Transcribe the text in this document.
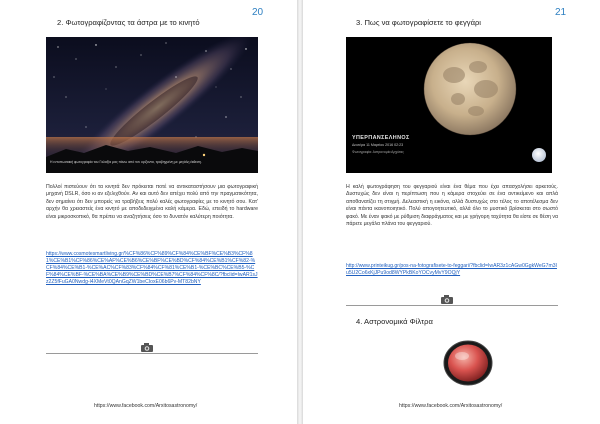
20
2. Φωτογραφίζοντας τα άστρα με το κινητό
Η εντυπωσιακή φωτογραφία του Γαλαξία μας πάνω από τον ορίζοντα, τραβηγμένη με μεγάλη έκθεση.
Πολλοί πιστεύουν ότι τα κινητά δεν πρόκειται ποτέ να αντικαταστήσουν μια φωτογραφική μηχανή DSLR, όσο κι αν εξελιχθούν. Αν και αυτό δεν απέχει πολύ από την πραγματικότητα, δεν σημαίνει ότι δεν μπορείς να τραβήξεις πολύ καλές φωτογραφίες με το κινητό σου. Κατ' αρχήν θα χρειαστείς ένα κινητό με αποδεδειγμένα καλή κάμερα. Εδώ, επειδή το hardware είναι μικροσκοπικό, θα πρέπει να αναζητήσεις όσο το δυνατόν καλύτερη ποιότητα.
https://www.cosmotesmartliving.gr/%CF%86%CF%89%CF%84%CE%BF%CE%B3%CF%81%CE%B1%CF%86%CE%AF%CE%B6%CE%BF%CE%BD%CF%84%CE%B1%CF%82-%CF%84%CE%B1-%CE%AC%CF%83%CF%84%CF%81%CE%B1-%CE%BC%CE%B5-%CF%84%CE%BF-%CE%BA%CE%B9%CE%BD%CE%B7%CF%84%CF%8C/?fbclid=IwAR1sJz2Z5fFuGA0Nwdg-l4XMeVt0QAnGqZW1beCIoxE06b6Pv-MT82bNY
https://www.facebook.com/Arxitosastronomy/
21
3. Πως να φωτογραφίσετε το φεγγάρι
ΥΠΕΡΠΑΝΣΕΛΗΝΟΣ
Δευτέρα 11 Μαρτίου 2016 02:23
Φωτογραφία: Αστρονομία Αρχύτας
Η καλή φωτογράφηση του φεγγαριού είναι ένα θέμα που έχει απασχολήσει αρκετούς. Δυστυχώς δεν είναι η περίπτωση που η κάμερα στοχεύει σε ένα αντικείμενο και απλά αποθανατίζει τη στιγμή. Δελεαστική η εικόνα, αλλά δυστυχώς στο τέλος το αποτέλεσμα δεν είναι πάντα ικανοποιητικό. Πολύ απογοητευτικό, αλλά όλο το μυστικό βρίσκεται στο σωστό φακό. Με έναν φακό με ρύθμιση διαφράγματος και με γρήγορη ταχύτητα θα είστε σε θέση να πάρετε μεγάλα πλάνα του φεγγαριού.
http://www.printeikug.gr/pos-na-fotografisete-to-feggari/?fbclid=IwAR3z1cAGw0GgkWeG7m3Iu5U2Co6xKjJPu9od8WYPkBKoYOCvyMvY9OQjY
4. Αστρονομικά Φίλτρα
https://www.facebook.com/Arxitosastronomy/
